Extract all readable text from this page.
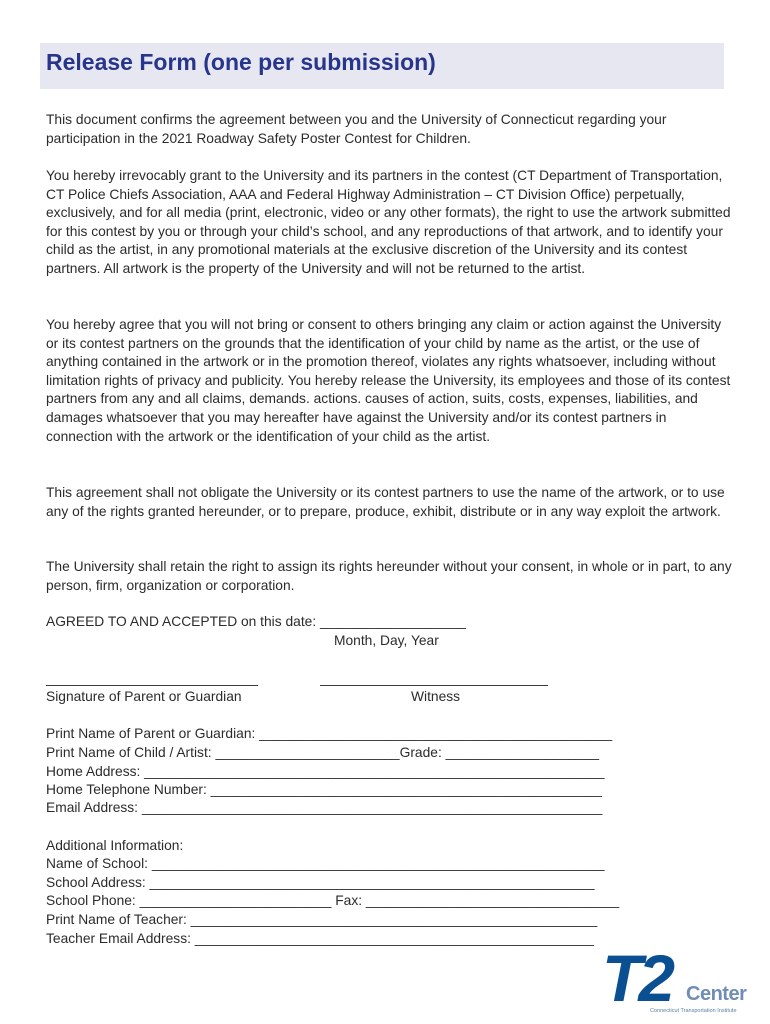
Release Form (one per submission)

This document confirms the agreement between you and the University of Connecticut regarding your participation in the 2021 Roadway Safety Poster Contest for Children.

You hereby irrevocably grant to the University and its partners in the contest (CT Department of Transportation, CT Police Chiefs Association, AAA and Federal Highway Administration – CT Division Office) perpetually, exclusively, and for all media (print, electronic, video or any other formats), the right to use the artwork submitted for this contest by you or through your child’s school, and any reproductions of that artwork, and to identify your child as the artist, in any promotional materials at the exclusive discretion of the University and its contest partners. All artwork is the property of the University and will not be returned to the artist.

You hereby agree that you will not bring or consent to others bringing any claim or action against the University or its contest partners on the grounds that the identification of your child by name as the artist, or the use of anything contained in the artwork or in the promotion thereof, violates any rights whatsoever, including without limitation rights of privacy and publicity. You hereby release the University, its employees and those of its contest partners from any and all claims, demands. actions. causes of action, suits, costs, expenses, liabilities, and damages whatsoever that you may hereafter have against the University and/or its contest partners in connection with the artwork or the identification of your child as the artist.

This agreement shall not obligate the University or its contest partners to use the name of the artwork, or to use any of the rights granted hereunder, or to prepare, produce, exhibit, distribute or in any way exploit the artwork.

The University shall retain the right to assign its rights hereunder without your consent, in whole or in part, to any person, firm, organization or corporation.

AGREED TO AND ACCEPTED on this date: ___________________

Month, Day, Year

Signature of Parent or Guardian	Witness

Print Name of Parent or Guardian: ______________________________________________

Print Name of Child / Artist: ________________________Grade: ____________________

Home Address: ____________________________________________________________

Home Telephone Number: ___________________________________________________

Email Address: ____________________________________________________________

Additional Information:

Name of School: ___________________________________________________________

School Address: __________________________________________________________

School Phone: _________________________ Fax: _________________________________

Print Name of Teacher: _____________________________________________________

Teacher Email Address: ____________________________________________________

T2 Center
Connecticut Transportation Institute
